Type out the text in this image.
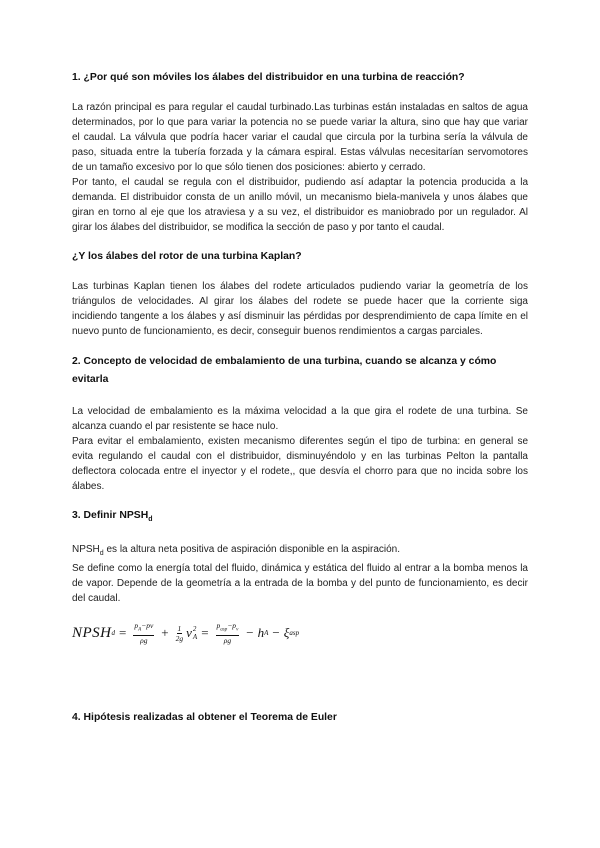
1. ¿Por qué son móviles los álabes del distribuidor en una turbina de reacción?

La razón principal es para regular el caudal turbinado.Las turbinas están instaladas en saltos de agua determinados, por lo que para variar la potencia no se puede variar la altura, sino que hay que variar el caudal. La válvula que podría hacer variar el caudal que circula por la turbina sería la válvula de paso, situada entre la tubería forzada y la cámara espiral. Estas válvulas necesitarían servomotores de un tamaño excesivo por lo que sólo tienen dos posiciones: abierto y cerrado.

Por tanto, el caudal se regula con el distribuidor, pudiendo así adaptar la potencia producida a la demanda. El distribuidor consta de un anillo móvil, un mecanismo biela-manivela y unos álabes que giran en torno al eje que los atraviesa y a su vez, el distribuidor es maniobrado por un regulador. Al girar los álabes del distribuidor, se modifica la sección de paso y por tanto el caudal.

¿Y los álabes del rotor de una turbina Kaplan?

Las turbinas Kaplan tienen los álabes del rodete articulados pudiendo variar la geometría de los triángulos de velocidades. Al girar los álabes del rodete se puede hacer que la corriente siga incidiendo tangente a los álabes y así disminuir las pérdidas por desprendimiento de capa límite en el nuevo punto de funcionamiento, es decir, conseguir buenos rendimientos a cargas parciales.

2. Concepto de velocidad de embalamiento de una turbina, cuando se alcanza y cómo evitarla

La velocidad de embalamiento es la máxima velocidad a la que gira el rodete de una turbina. Se alcanza cuando el par resistente se hace nulo.

Para evitar el embalamiento, existen mecanismo diferentes según el tipo de turbina: en general se evita regulando el caudal con el distribuidor, disminuyéndolo y en las turbinas Pelton la pantalla deflectora colocada entre el inyector y el rodete,, que desvía el chorro para que no incida sobre los álabes.

3. Definir $NPSH_d$

$NPSH_d$ es la altura neta positiva de aspiración disponible en la aspiración.

Se define como la energía total del fluido, dinámica y estática del fluido al entrar a la bomba menos la de vapor. Depende de la geometría a la entrada de la bomba y del punto de funcionamiento, es decir del caudal.

NPSH $d = \frac{p_A-pv}{\rho g} + \frac{1}{2g}$ v 2
$A = \frac{p_{asp}-p_v}{\rho g} - h$ A − ξ asp
4. Hipótesis realizadas al obtener el Teorema de Euler
